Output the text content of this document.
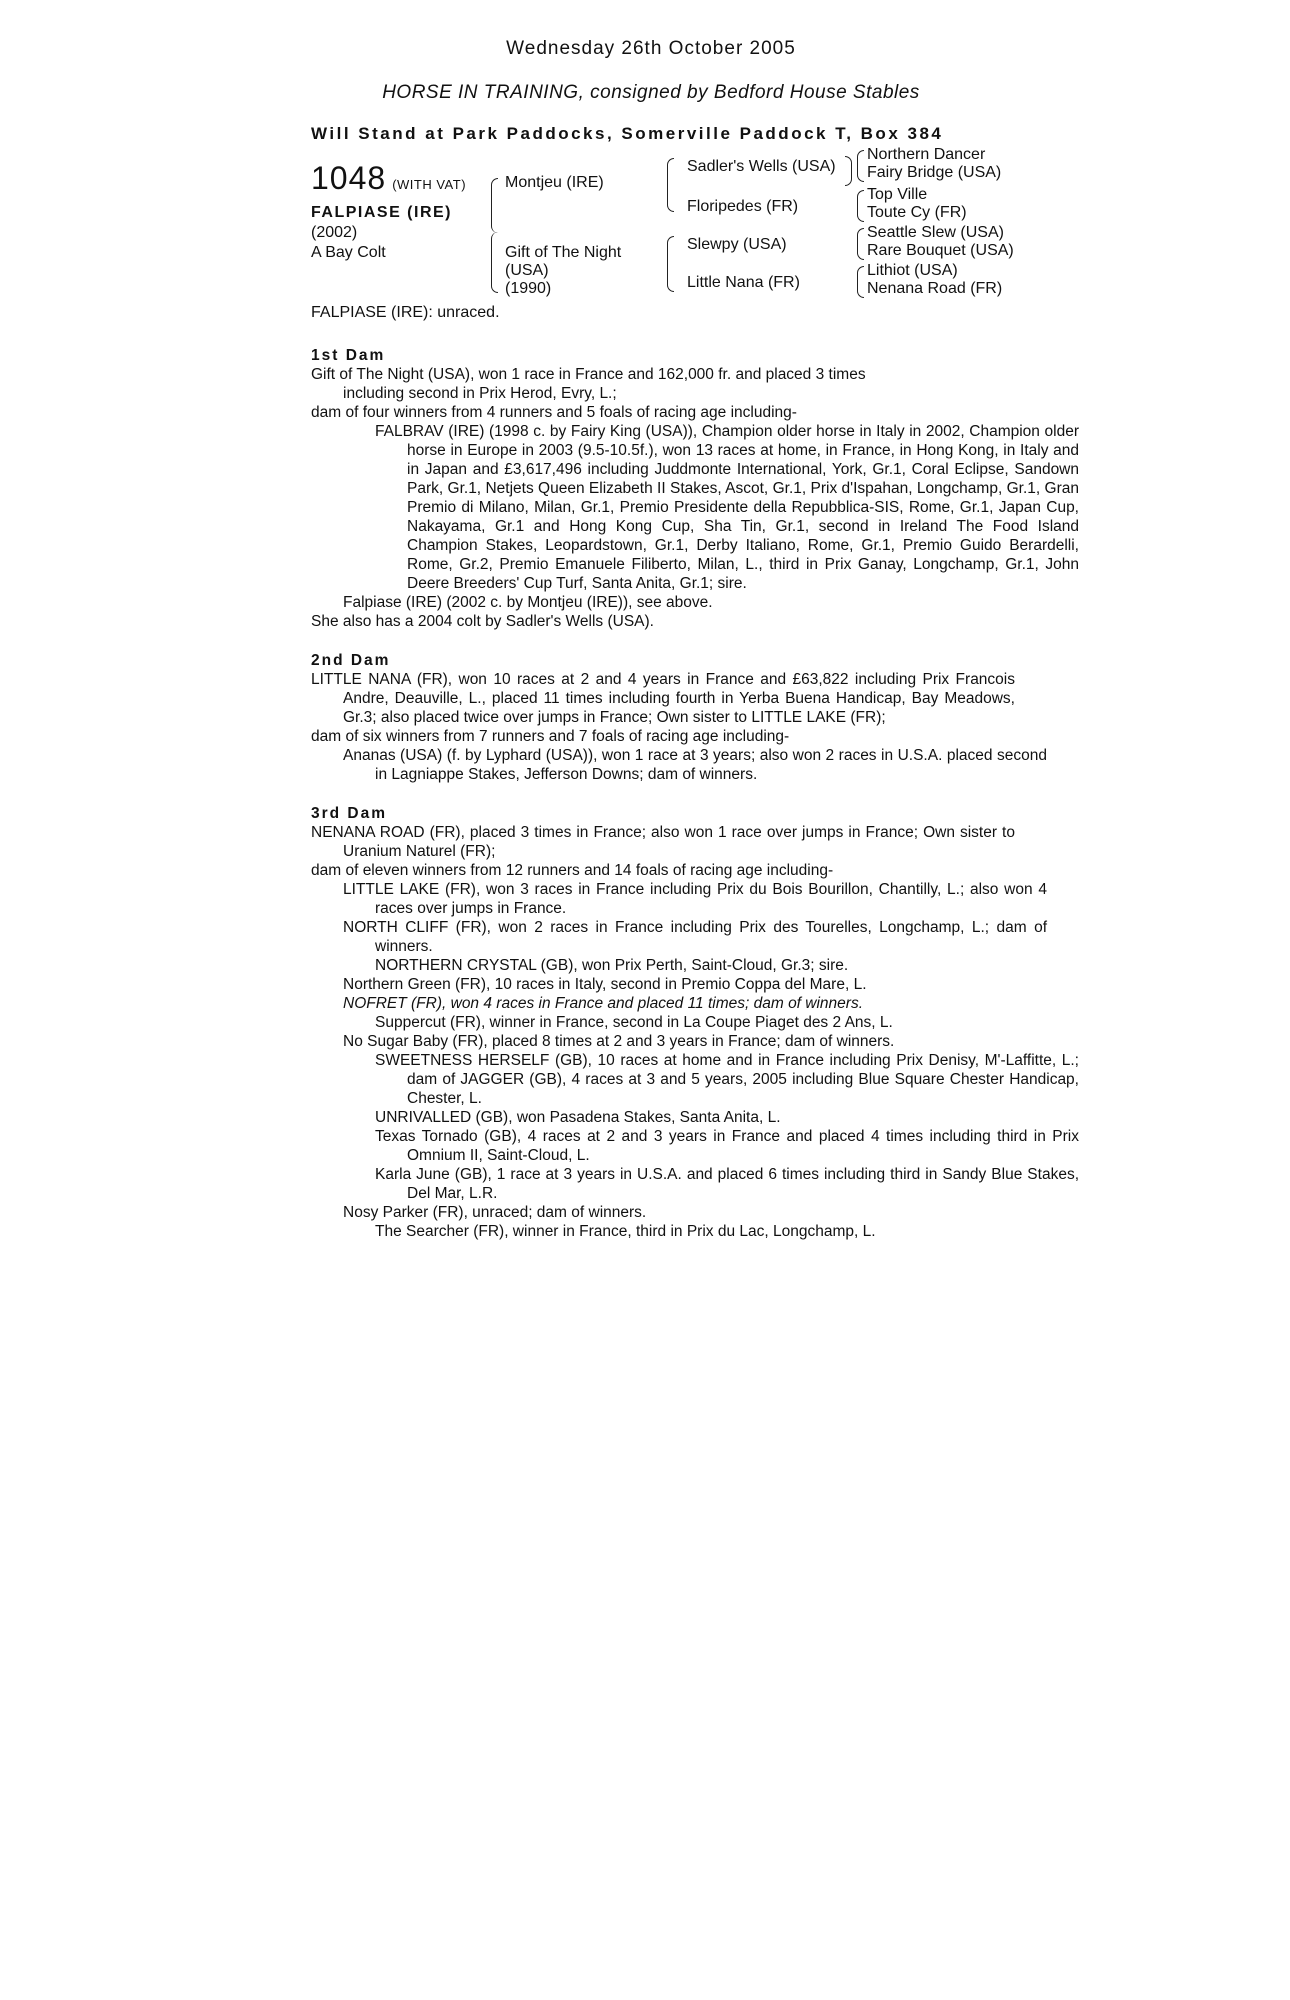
Wednesday 26th October 2005
HORSE IN TRAINING, consigned by Bedford House Stables
Will Stand at Park Paddocks, Somerville Paddock T, Box 384
1048 (WITH VAT)
FALPIASE (IRE)
(2002)
A Bay Colt
Montjeu (IRE)
Gift of The Night
(USA)
(1990)
Sadler's Wells (USA)
Floripedes (FR)
Slewpy (USA)
Little Nana (FR)
Northern Dancer
Fairy Bridge (USA)
Top Ville
Toute Cy (FR)
Seattle Slew (USA)
Rare Bouquet (USA)
Lithiot (USA)
Nenana Road (FR)
FALPIASE (IRE): unraced.
1st Dam

Gift of The Night (USA), won 1 race in France and 162,000 fr. and placed 3 times

including second in Prix Herod, Evry, L.;

dam of four winners from 4 runners and 5 foals of racing age including-

FALBRAV (IRE) (1998 c. by Fairy King (USA)), Champion older horse in Italy in 2002, Champion older horse in Europe in 2003 (9.5-10.5f.), won 13 races at home, in France, in Hong Kong, in Italy and in Japan and £3,617,496 including Juddmonte International, York, Gr.1, Coral Eclipse, Sandown Park, Gr.1, Netjets Queen Elizabeth II Stakes, Ascot, Gr.1, Prix d'Ispahan, Longchamp, Gr.1, Gran Premio di Milano, Milan, Gr.1, Premio Presidente della Repubblica-SIS, Rome, Gr.1, Japan Cup, Nakayama, Gr.1 and Hong Kong Cup, Sha Tin, Gr.1, second in Ireland The Food Island Champion Stakes, Leopardstown, Gr.1, Derby Italiano, Rome, Gr.1, Premio Guido Berardelli, Rome, Gr.2, Premio Emanuele Filiberto, Milan, L., third in Prix Ganay, Longchamp, Gr.1, John Deere Breeders' Cup Turf, Santa Anita, Gr.1; sire.

Falpiase (IRE) (2002 c. by Montjeu (IRE)), see above.

She also has a 2004 colt by Sadler's Wells (USA).

2nd Dam

LITTLE NANA (FR), won 10 races at 2 and 4 years in France and £63,822 including Prix Francois Andre, Deauville, L., placed 11 times including fourth in Yerba Buena Handicap, Bay Meadows, Gr.3; also placed twice over jumps in France; Own sister to LITTLE LAKE (FR);

dam of six winners from 7 runners and 7 foals of racing age including-

Ananas (USA) (f. by Lyphard (USA)), won 1 race at 3 years; also won 2 races in U.S.A. placed second in Lagniappe Stakes, Jefferson Downs; dam of winners.

3rd Dam

NENANA ROAD (FR), placed 3 times in France; also won 1 race over jumps in France; Own sister to Uranium Naturel (FR);

dam of eleven winners from 12 runners and 14 foals of racing age including-

LITTLE LAKE (FR), won 3 races in France including Prix du Bois Bourillon, Chantilly, L.; also won 4 races over jumps in France.

NORTH CLIFF (FR), won 2 races in France including Prix des Tourelles, Longchamp, L.; dam of winners.

NORTHERN CRYSTAL (GB), won Prix Perth, Saint-Cloud, Gr.3; sire.

Northern Green (FR), 10 races in Italy, second in Premio Coppa del Mare, L.

NOFRET (FR), won 4 races in France and placed 11 times; dam of winners.

Suppercut (FR), winner in France, second in La Coupe Piaget des 2 Ans, L.

No Sugar Baby (FR), placed 8 times at 2 and 3 years in France; dam of winners.

SWEETNESS HERSELF (GB), 10 races at home and in France including Prix Denisy, M'-Laffitte, L.; dam of JAGGER (GB), 4 races at 3 and 5 years, 2005 including Blue Square Chester Handicap, Chester, L.

UNRIVALLED (GB), won Pasadena Stakes, Santa Anita, L.

Texas Tornado (GB), 4 races at 2 and 3 years in France and placed 4 times including third in Prix Omnium II, Saint-Cloud, L.

Karla June (GB), 1 race at 3 years in U.S.A. and placed 6 times including third in Sandy Blue Stakes, Del Mar, L.R.

Nosy Parker (FR), unraced; dam of winners.

The Searcher (FR), winner in France, third in Prix du Lac, Longchamp, L.
